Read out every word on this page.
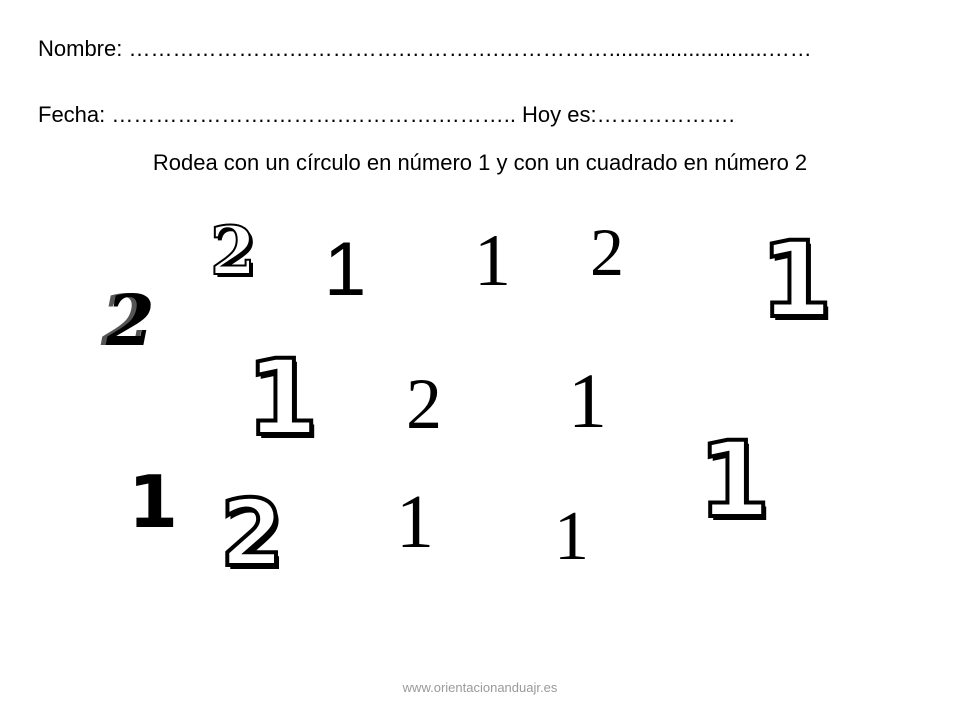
Nombre: ………………….…………….………….……………..........................……
Fecha: ………………….……….………….……….. Hoy es:……………….
Rodea con un círculo en número 1 y con un cuadrado en número 2
2 1 1 2 1
2
1 2 1
1
1 2 1 1
www.orientacionanduajr.es
